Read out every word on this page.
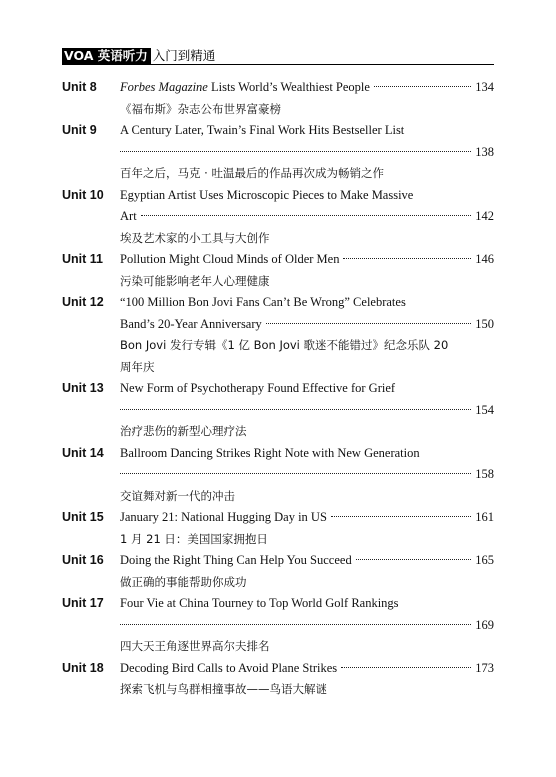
VOA 英语听力 入门到精通
Unit 8	Forbes Magazine Lists World’s Wealthiest People	134
《福布斯》杂志公布世界富豪榜
Unit 9	A Century Later, Twain’s Final Work Hits Bestseller List
138
百年之后，马克 · 吐温最后的作品再次成为畅销之作
Unit 10	Egyptian Artist Uses Microscopic Pieces to Make Massive
Art	142
埃及艺术家的小工具与大创作
Unit 11	Pollution Might Cloud Minds of Older Men	146
污染可能影响老年人心理健康
Unit 12	“100 Million Bon Jovi Fans Can’t Be Wrong” Celebrates
Band’s 20-Year Anniversary	150
Bon Jovi 发行专辑《1 亿 Bon Jovi 歌迷不能错过》纪念乐队 20
周年庆
Unit 13	New Form of Psychotherapy Found Effective for Grief
154
治疗悲伤的新型心理疗法
Unit 14	Ballroom Dancing Strikes Right Note with New Generation
158
交谊舞对新一代的冲击
Unit 15	January 21: National Hugging Day in US	161
1 月 21 日：美国国家拥抱日
Unit 16	Doing the Right Thing Can Help You Succeed	165
做正确的事能帮助你成功
Unit 17	Four Vie at China Tourney to Top World Golf Rankings
169
四大天王角逐世界高尔夫排名
Unit 18	Decoding Bird Calls to Avoid Plane Strikes	173
探索飞机与鸟群相撞事故——鸟语大解谜
